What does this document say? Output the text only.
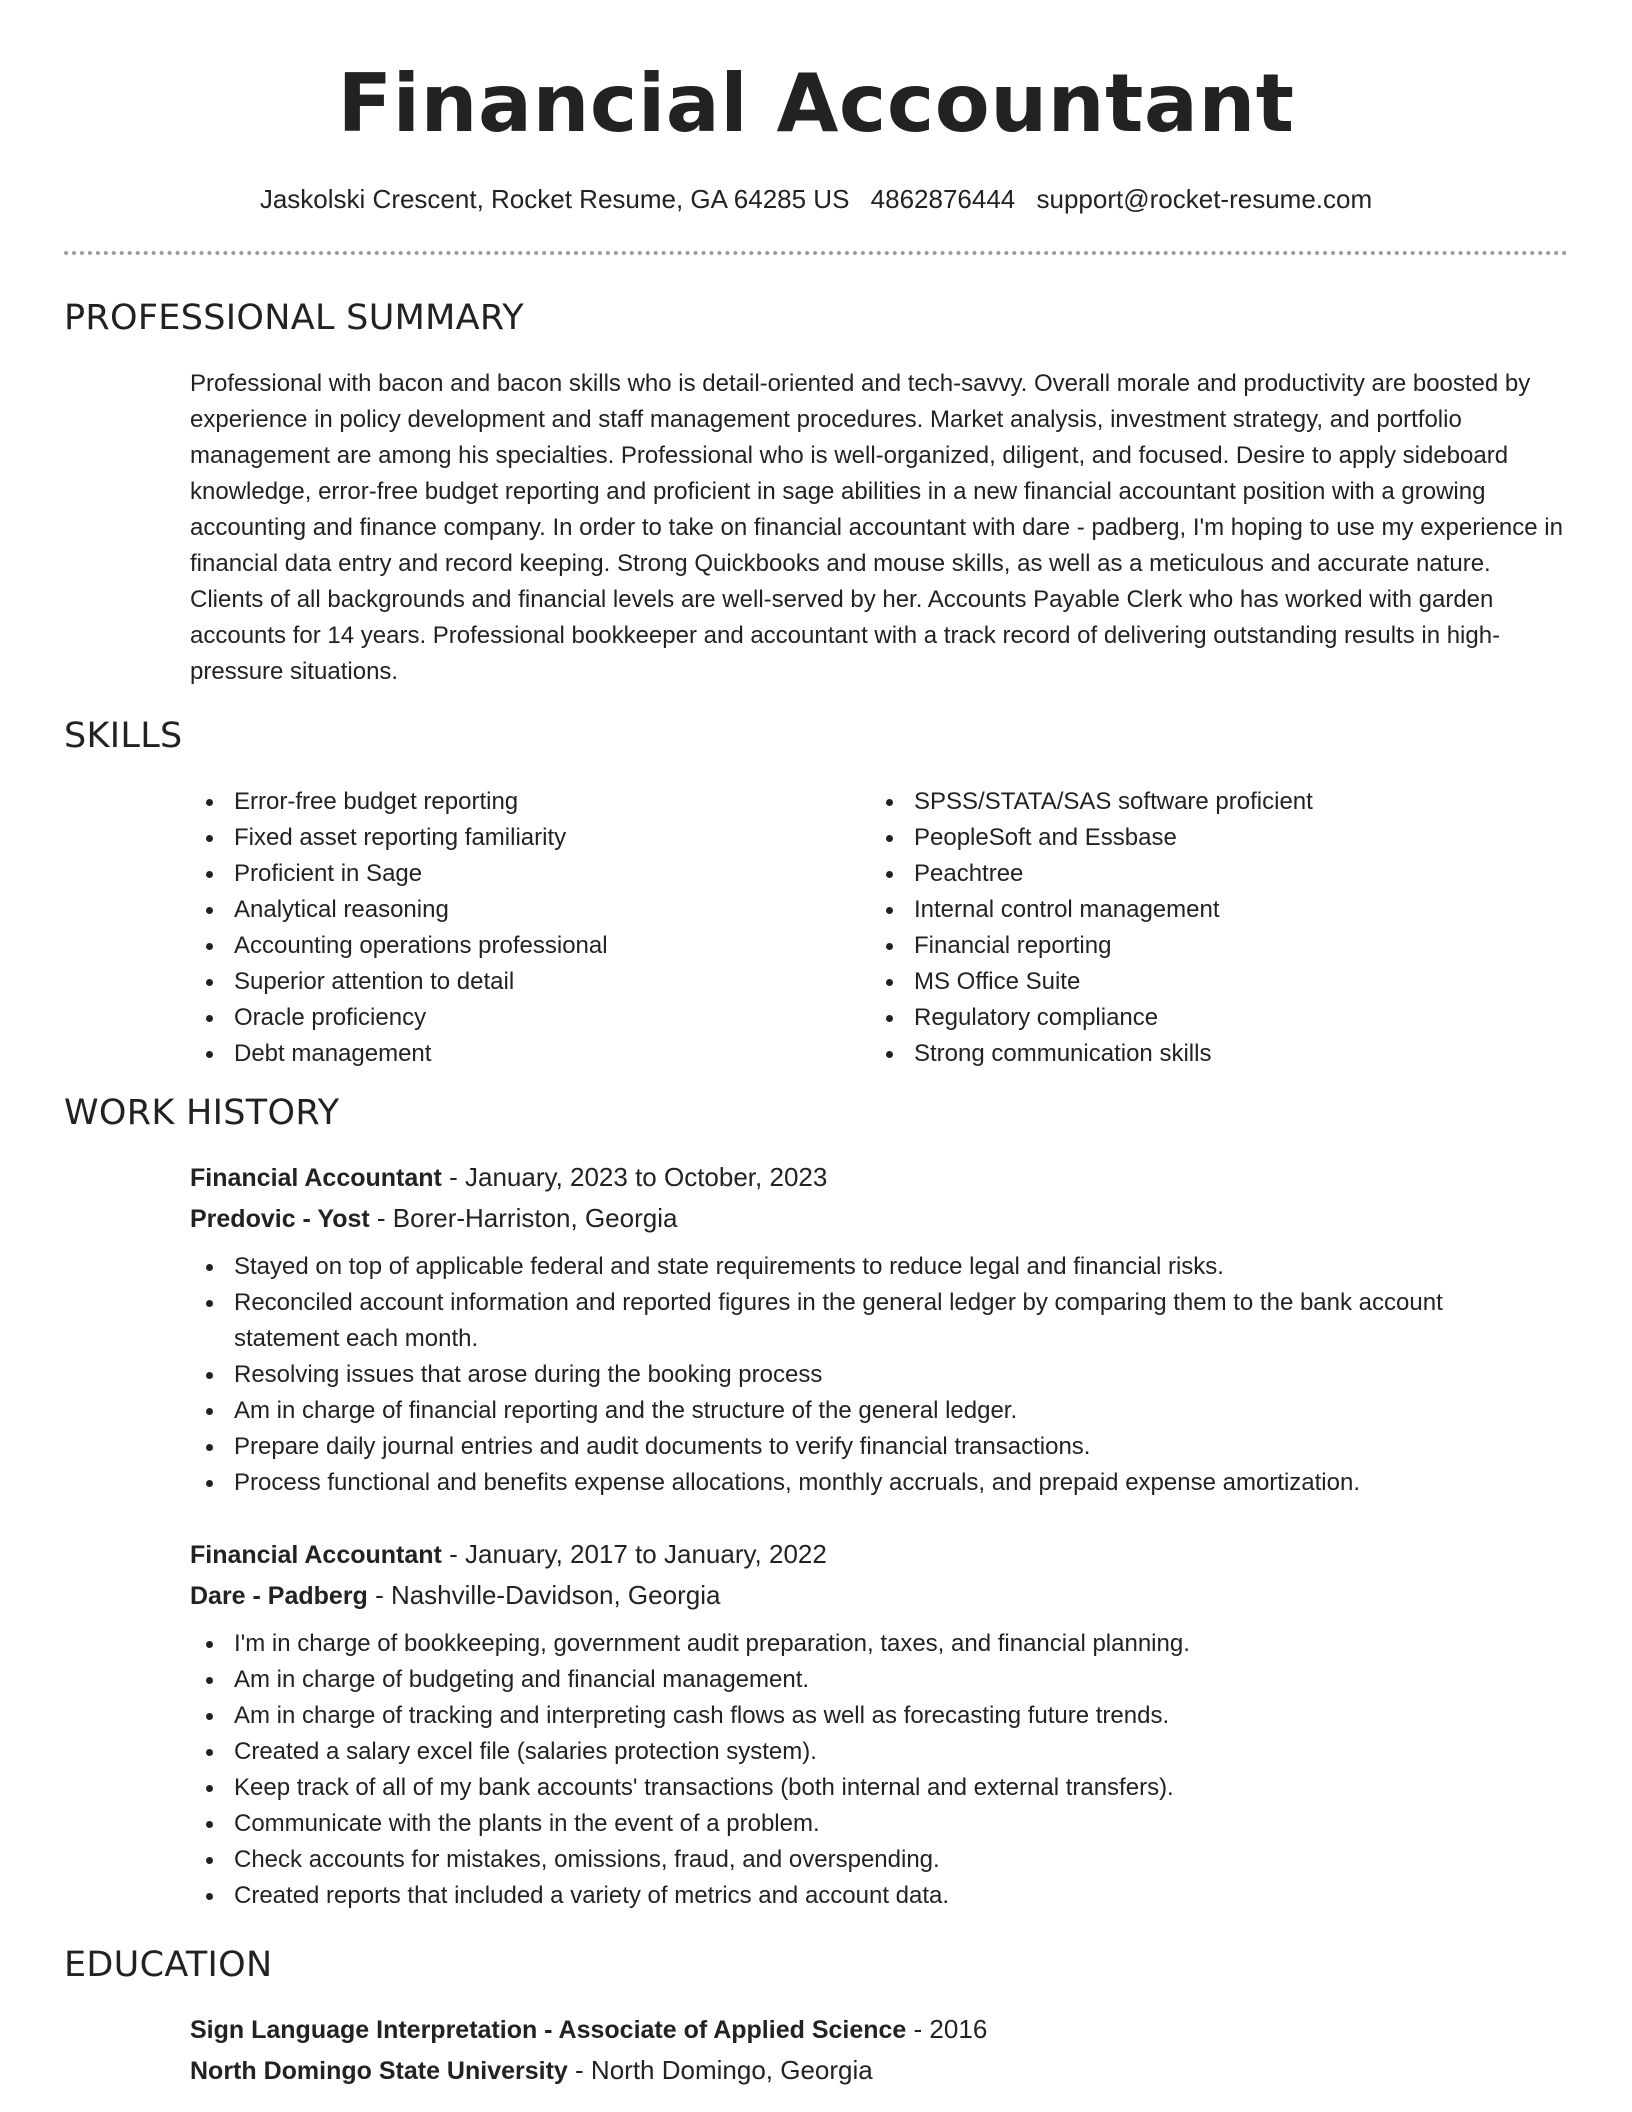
Financial Accountant
Jaskolski Crescent, Rocket Resume, GA 64285 US 4862876444 support@rocket-resume.com
PROFESSIONAL SUMMARY

Professional with bacon and bacon skills who is detail-oriented and tech-savvy. Overall morale and productivity are boosted by experience in policy development and staff management procedures. Market analysis, investment strategy, and portfolio management are among his specialties. Professional who is well-organized, diligent, and focused. Desire to apply sideboard knowledge, error-free budget reporting and proficient in sage abilities in a new financial accountant position with a growing accounting and finance company. In order to take on financial accountant with dare - padberg, I'm hoping to use my experience in financial data entry and record keeping. Strong Quickbooks and mouse skills, as well as a meticulous and accurate nature. Clients of all backgrounds and financial levels are well-served by her. Accounts Payable Clerk who has worked with garden accounts for 14 years. Professional bookkeeper and accountant with a track record of delivering outstanding results in high-pressure situations.

SKILLS
Error-free budget reporting
Fixed asset reporting familiarity
Proficient in Sage
Analytical reasoning
Accounting operations professional
Superior attention to detail
Oracle proficiency
Debt management
SPSS/STATA/SAS software proficient
PeopleSoft and Essbase
Peachtree
Internal control management
Financial reporting
MS Office Suite
Regulatory compliance
Strong communication skills
WORK HISTORY
Financial Accountant - January, 2023 to October, 2023
Predovic - Yost - Borer-Harriston, Georgia
Stayed on top of applicable federal and state requirements to reduce legal and financial risks.
Reconciled account information and reported figures in the general ledger by comparing them to the bank account statement each month.
Resolving issues that arose during the booking process
Am in charge of financial reporting and the structure of the general ledger.
Prepare daily journal entries and audit documents to verify financial transactions.
Process functional and benefits expense allocations, monthly accruals, and prepaid expense amortization.
Financial Accountant - January, 2017 to January, 2022
Dare - Padberg - Nashville-Davidson, Georgia
I'm in charge of bookkeeping, government audit preparation, taxes, and financial planning.
Am in charge of budgeting and financial management.
Am in charge of tracking and interpreting cash flows as well as forecasting future trends.
Created a salary excel file (salaries protection system).
Keep track of all of my bank accounts' transactions (both internal and external transfers).
Communicate with the plants in the event of a problem.
Check accounts for mistakes, omissions, fraud, and overspending.
Created reports that included a variety of metrics and account data.
EDUCATION
Sign Language Interpretation - Associate of Applied Science - 2016
North Domingo State University - North Domingo, Georgia
